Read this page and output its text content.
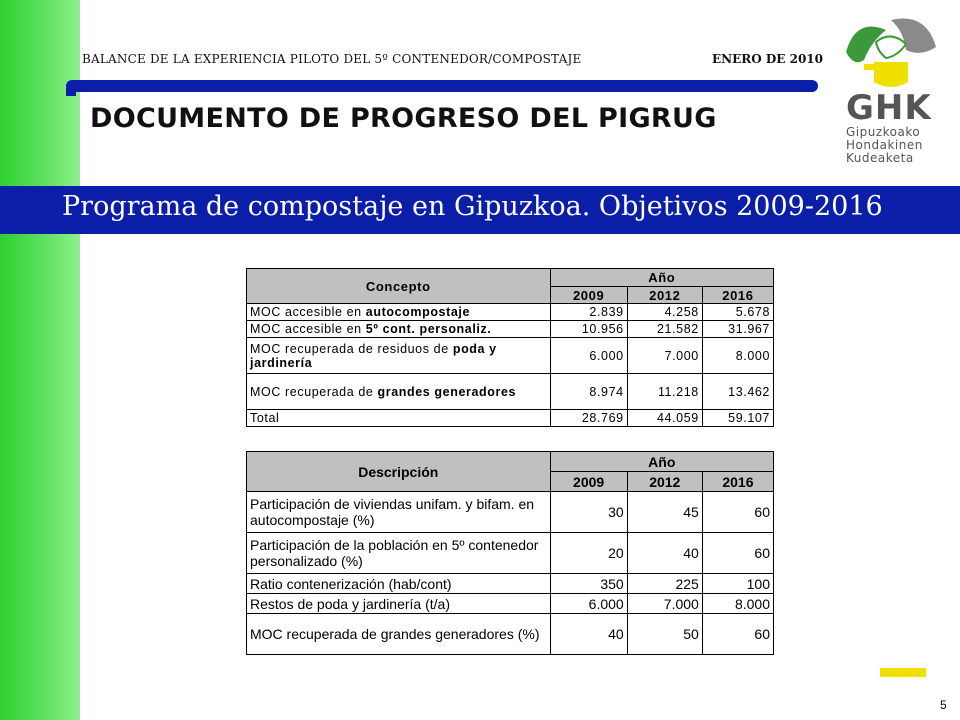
BALANCE DE LA EXPERIENCIA PILOTO DEL 5º CONTENEDOR/COMPOSTAJE	ENERO DE 2010
DOCUMENTO DE PROGRESO DEL PIGRUG	GHK
Gipuzkoako
Hondakinen
Kudeaketa
Programa de compostaje en Gipuzkoa. Objetivos 2009-2016
Concepto	Año		
	2009	2012	2016
MOC accesible en autocompostaje	2.839	4.258	5.678
MOC accesible en 5º cont. personaliz.	10.956	21.582	31.967
MOC recuperada de residuos de poda y jardinería	6.000	7.000	8.000
MOC recuperada de grandes generadores	8.974	11.218	13.462
Total	28.769	44.059	59.107
Descripción	Año		
	2009	2012	2016
Participación de viviendas unifam. y bifam. en autocompostaje (%)	30	45	60
Participación de la población en 5º contenedor personalizado (%)	20	40	60
Ratio contenerización (hab/cont)	350	225	100
Restos de poda y jardinería (t/a)	6.000	7.000	8.000
MOC recuperada de grandes generadores (%)	40	50	60
5
